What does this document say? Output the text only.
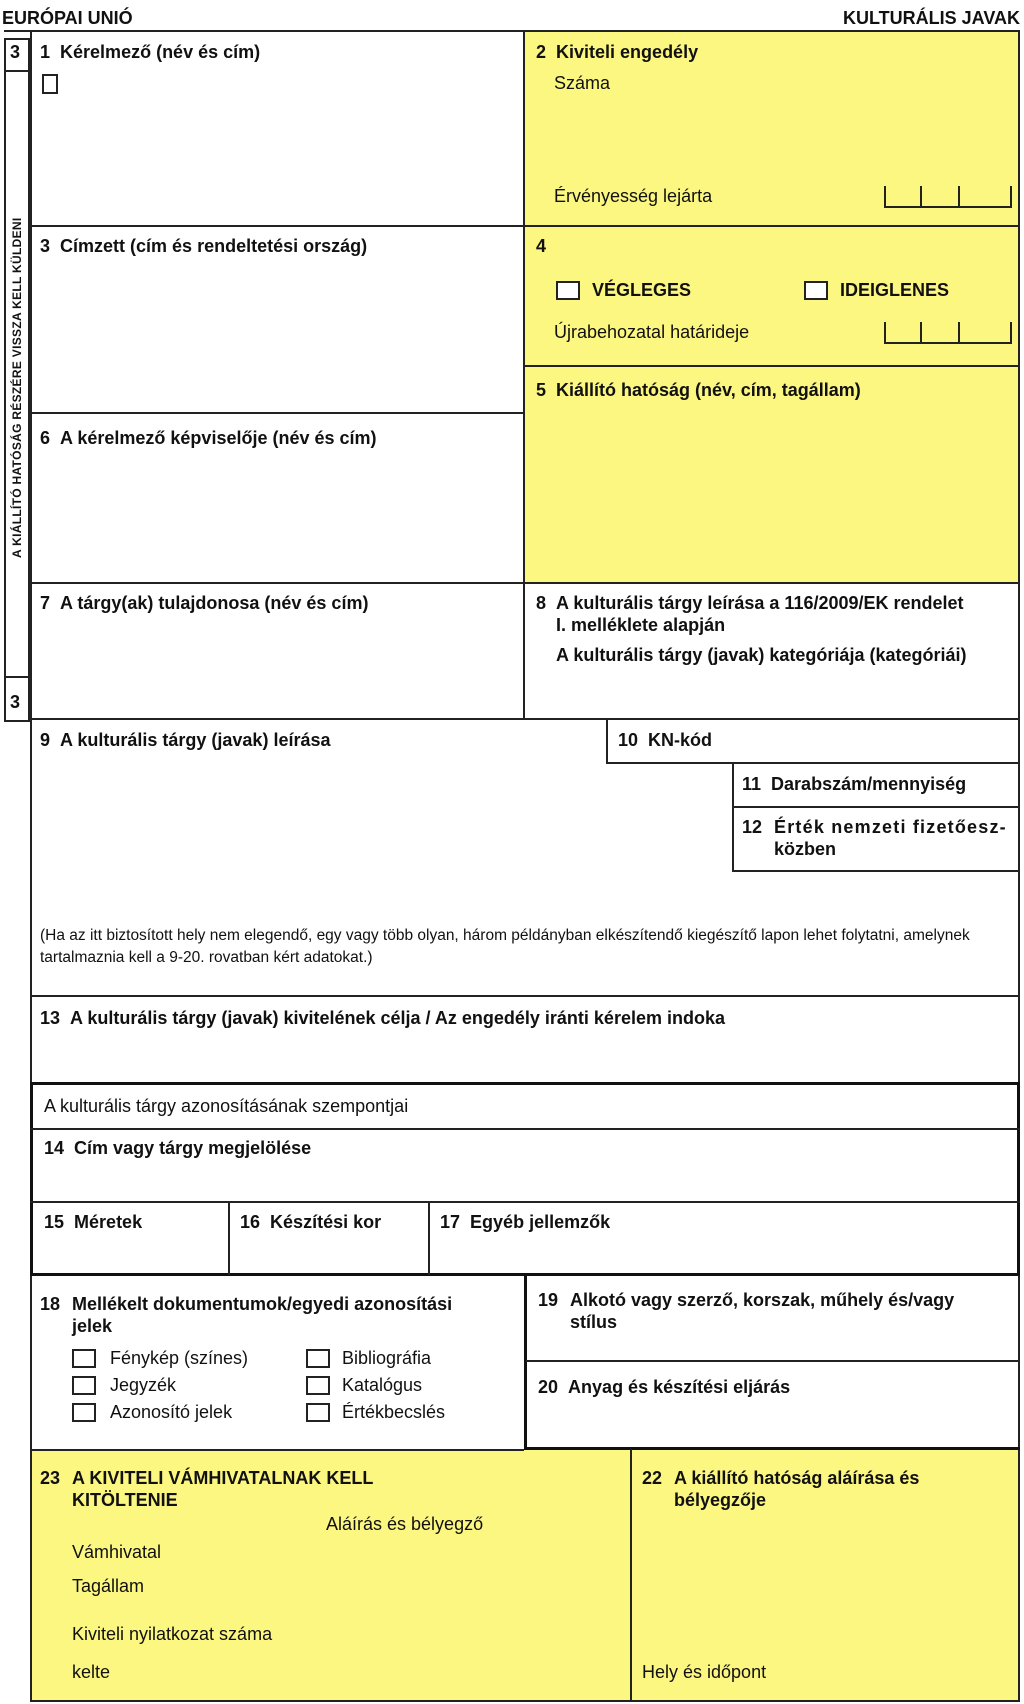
EURÓPAI UNIÓ	KULTURÁLIS JAVAK
3
3
A KIÁLLÍTÓ HATÓSÁG RÉSZÉRE VISSZA KELL KÜLDENI
1 Kérelmező (név és cím)	2 Kiviteli engedély
Száma
Érvényesség lejárta
3 Címzett (cím és rendeltetési ország)	4
VÉGLEGES	IDEIGLENES
Újrabehozatal határideje
5 Kiállító hatóság (név, cím, tagállam)
6 A kérelmező képviselője (név és cím)
7 A tárgy(ak) tulajdonosa (név és cím)	8 A kulturális tárgy leírása a 116/2009/EK rendelet
I. melléklete alapján
A kulturális tárgy (javak) kategóriája (kategóriái)
9 A kulturális tárgy (javak) leírása	10 KN-kód
11 Darabszám/mennyiség
12 Érték nemzeti fizetőesz-
közben
(Ha az itt biztosított hely nem elegendő, egy vagy több olyan, három példányban elkészítendő kiegészítő lapon lehet folytatni, amelynek
tartalmaznia kell a 9-20. rovatban kért adatokat.)
13 A kulturális tárgy (javak) kivitelének célja / Az engedély iránti kérelem indoka
A kulturális tárgy azonosításának szempontjai
14 Cím vagy tárgy megjelölése
15 Méretek	16 Készítési kor	17 Egyéb jellemzők
18 Mellékelt dokumentumok/egyedi azonosítási
jelek
Fénykép (színes)	Bibliográfia
Jegyzék	Katalógus
Azonosító jelek	Értékbecslés
19 Alkotó vagy szerző, korszak, műhely és/vagy
stílus
20 Anyag és készítési eljárás
23 A KIVITELI VÁMHIVATALNAK KELL
KITÖLTENIE
Aláírás és bélyegző
Vámhivatal
Tagállam
Kiviteli nyilatkozat száma
kelte
22 A kiállító hatóság aláírása és
bélyegzője
Hely és időpont
